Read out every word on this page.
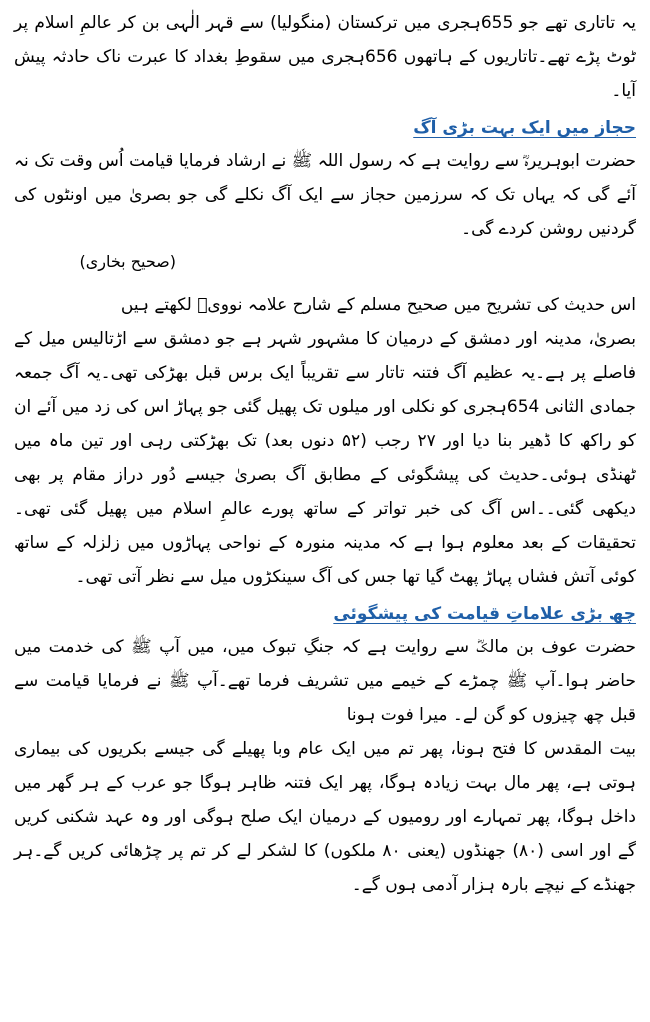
یہ تاتاری تھے جو 655ہجری میں ترکستان (منگولیا) سے قہر الٰہی بن کر عالمِ اسلام پر ٹوٹ پڑے تھے۔تاتاریوں کے ہاتھوں 656ہجری میں سقوطِ بغداد کا عبرت ناک حادثہ پیش آیا۔

حجاز میں ایک بہت بڑی آگ

حضرت ابوہریرہؓ سے روایت ہے کہ رسول اللہ ﷺ نے ارشاد فرمایا قیامت اُس وقت تک نہ آئے گی کہ یہاں تک کہ سرزمین حجاز سے ایک آگ نکلے گی جو بصریٰ میں اونٹوں کی گردنیں روشن کردے گی۔

(صحیح بخاری)

اس حدیث کی تشریح میں صحیح مسلم کے شارح علامہ نوویؒ لکھتے ہیں

بصریٰ، مدینہ اور دمشق کے درمیان کا مشہور شہر ہے جو دمشق سے اڑتالیس میل کے فاصلے پر ہے۔یہ عظیم آگ فتنہ تاتار سے تقریباً ایک برس قبل بھڑکی تھی۔یہ آگ جمعہ جمادی الثانی 654ہجری کو نکلی اور میلوں تک پھیل گئی جو پہاڑ اس کی زد میں آئے ان کو راکھ کا ڈھیر بنا دیا اور ۲۷ رجب (۵۲ دنوں بعد) تک بھڑکتی رہی اور تین ماہ میں ٹھنڈی ہوئی۔حدیث کی پیشگوئی کے مطابق آگ بصریٰ جیسے دُور دراز مقام پر بھی دیکھی گئی۔۔اس آگ کی خبر تواتر کے ساتھ پورے عالمِ اسلام میں پھیل گئی تھی۔تحقیقات کے بعد معلوم ہوا ہے کہ مدینہ منورہ کے نواحی پہاڑوں میں زلزلہ کے ساتھ کوئی آتش فشاں پہاڑ پھٹ گیا تھا جس کی آگ سینکڑوں میل سے نظر آتی تھی۔

چھ بڑی علاماتِ قیامت کی پیشگوئی

حضرت عوف بن مالکؓ سے روایت ہے کہ جنگِ تبوک میں، میں آپ ﷺ کی خدمت میں حاضر ہوا۔آپ ﷺ چمڑے کے خیمے میں تشریف فرما تھے۔آپ ﷺ نے فرمایا قیامت سے قبل چھ چیزوں کو گن لے۔ میرا فوت ہونا

بیت المقدس کا فتح ہونا، پھر تم میں ایک عام وبا پھیلے گی جیسے بکریوں کی بیماری ہوتی ہے، پھر مال بہت زیادہ ہوگا، پھر ایک فتنہ ظاہر ہوگا جو عرب کے ہر گھر میں داخل ہوگا، پھر تمہارے اور رومیوں کے درمیان ایک صلح ہوگی اور وہ عہد شکنی کریں گے اور اسی (۸۰) جھنڈوں (یعنی ۸۰ ملکوں) کا لشکر لے کر تم پر چڑھائی کریں گے۔ہر جھنڈے کے نیچے بارہ ہزار آدمی ہوں گے۔
